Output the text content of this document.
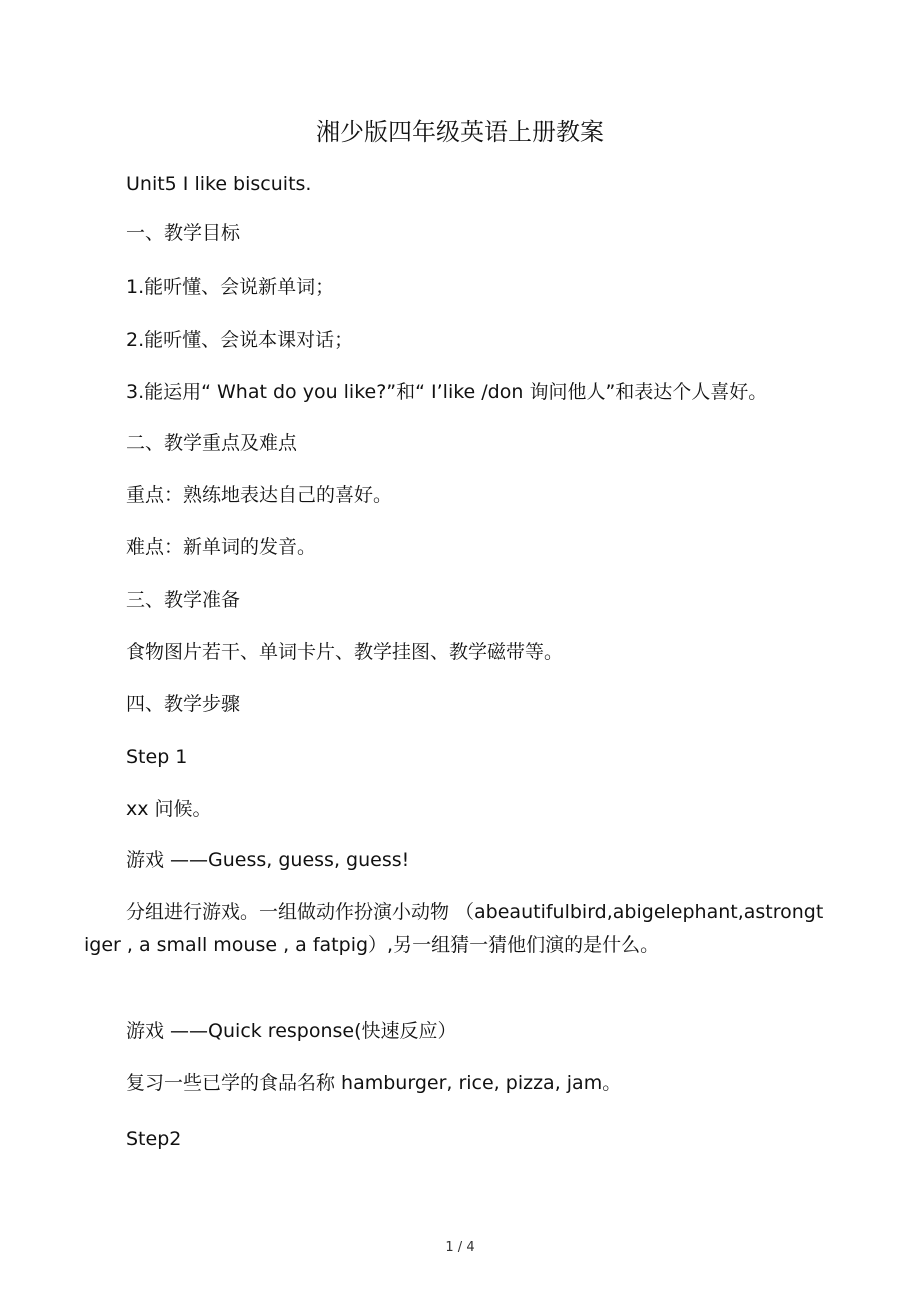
湘少版四年级英语上册教案
Unit5 I like biscuits.
一、教学目标
1.能听懂、会说新单词；
2.能听懂、会说本课对话；
3.能运用“ What do you like?”和“ I’like /don 询问他人”和表达个人喜好。
二、教学重点及难点
重点：熟练地表达自己的喜好。
难点：新单词的发音。
三、教学准备
食物图片若干、单词卡片、教学挂图、教学磁带等。
四、教学步骤
Step 1
xx 问候。
游戏 ——Guess, guess, guess!
分组进行游戏。一组做动作扮演小动物 （abeautifulbird,abigelephant,astrongtiger , a small mouse , a fatpig）,另一组猜一猜他们演的是什么。
游戏 ——Quick response(快速反应）
复习一些已学的食品名称 hamburger, rice, pizza, jam。
Step2
1 / 4
